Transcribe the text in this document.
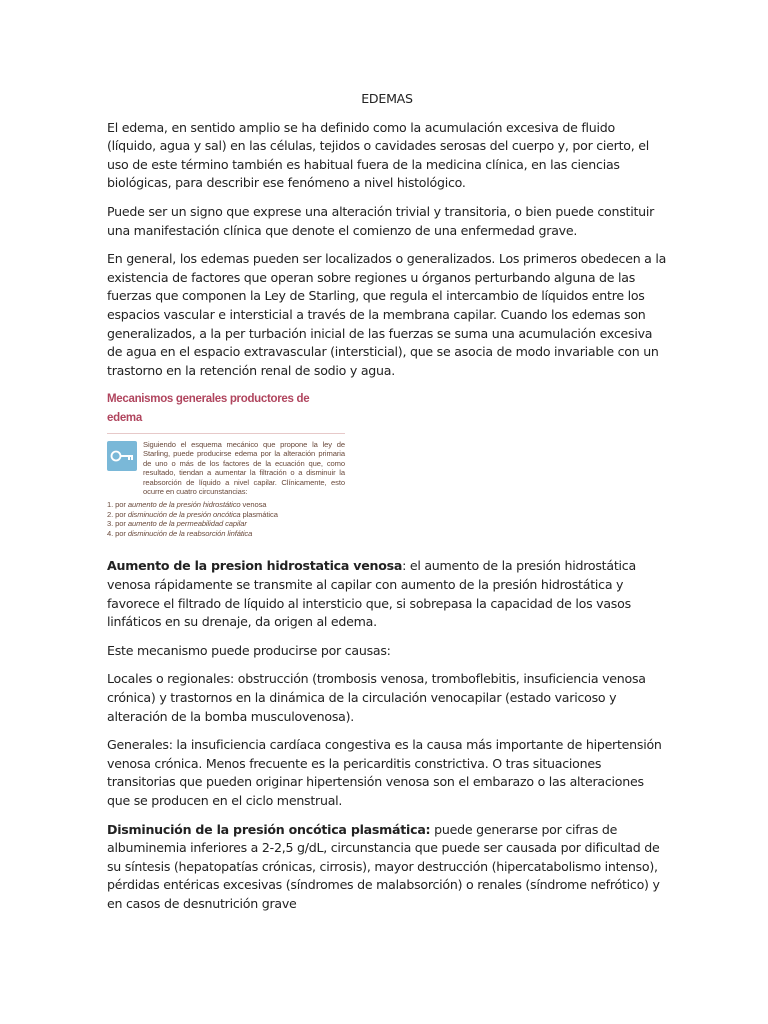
EDEMAS

El edema, en sentido amplio se ha definido como la acumulación excesiva de fluido (líquido, agua y sal) en las células, tejidos o cavidades serosas del cuerpo y, por cierto, el uso de este término también es habitual fuera de la medicina clínica, en las ciencias biológicas, para describir ese fenómeno a nivel histológico.

Puede ser un signo que exprese una alteración trivial y transitoria, o bien puede constituir una manifestación clínica que denote el comienzo de una enfermedad grave.

En general, los edemas pueden ser localizados o generalizados. Los primeros obedecen a la existencia de factores que operan sobre regiones u órganos perturbando alguna de las fuerzas que componen la Ley de Starling, que regula el intercambio de líquidos entre los espacios vascular e intersticial a través de la membrana capilar. Cuando los edemas son generalizados, a la per turbación inicial de las fuerzas se suma una acumulación excesiva de agua en el espacio extravascular (intersticial), que se asocia de modo invariable con un trastorno en la retención renal de sodio y agua.

Mecanismos generales productores de edema
Siguiendo el esquema mecánico que propone la ley de Starling, puede producirse edema por la alteración primaria de uno o más de los factores de la ecuación que, como resultado, tiendan a aumentar la filtración o a disminuir la reabsorción de líquido a nivel capilar. Clínicamente, esto ocurre en cuatro circunstancias:
1. por aumento de la presión hidrostático venosa
2. por disminución de la presión oncótica plasmática
3. por aumento de la permeabilidad capilar
4. por disminución de la reabsorción linfática

Aumento de la presion hidrostatica venosa: el aumento de la presión hidrostática venosa rápidamente se transmite al capilar con aumento de la presión hidrostática y favorece el filtrado de líquido al intersticio que, si sobrepasa la capacidad de los vasos linfáticos en su drenaje, da origen al edema.

Este mecanismo puede producirse por causas:

Locales o regionales: obstrucción (trombosis venosa, tromboflebitis, insuficiencia venosa crónica) y trastornos en la dinámica de la circulación venocapilar (estado varicoso y alteración de la bomba musculovenosa).

Generales: la insuficiencia cardíaca congestiva es la causa más importante de hipertensión venosa crónica. Menos frecuente es la pericarditis constrictiva. O tras situaciones transitorias que pueden originar hipertensión venosa son el embarazo o las alteraciones que se producen en el ciclo menstrual.

Disminución de la presión oncótica plasmática: puede generarse por cifras de albuminemia inferiores a 2-2,5 g/dL, circunstancia que puede ser causada por dificultad de su síntesis (hepatopatías crónicas, cirrosis), mayor destrucción (hipercatabolismo intenso), pérdidas entéricas excesivas (síndromes de malabsorción) o renales (síndrome nefrótico) y en casos de desnutrición grave
